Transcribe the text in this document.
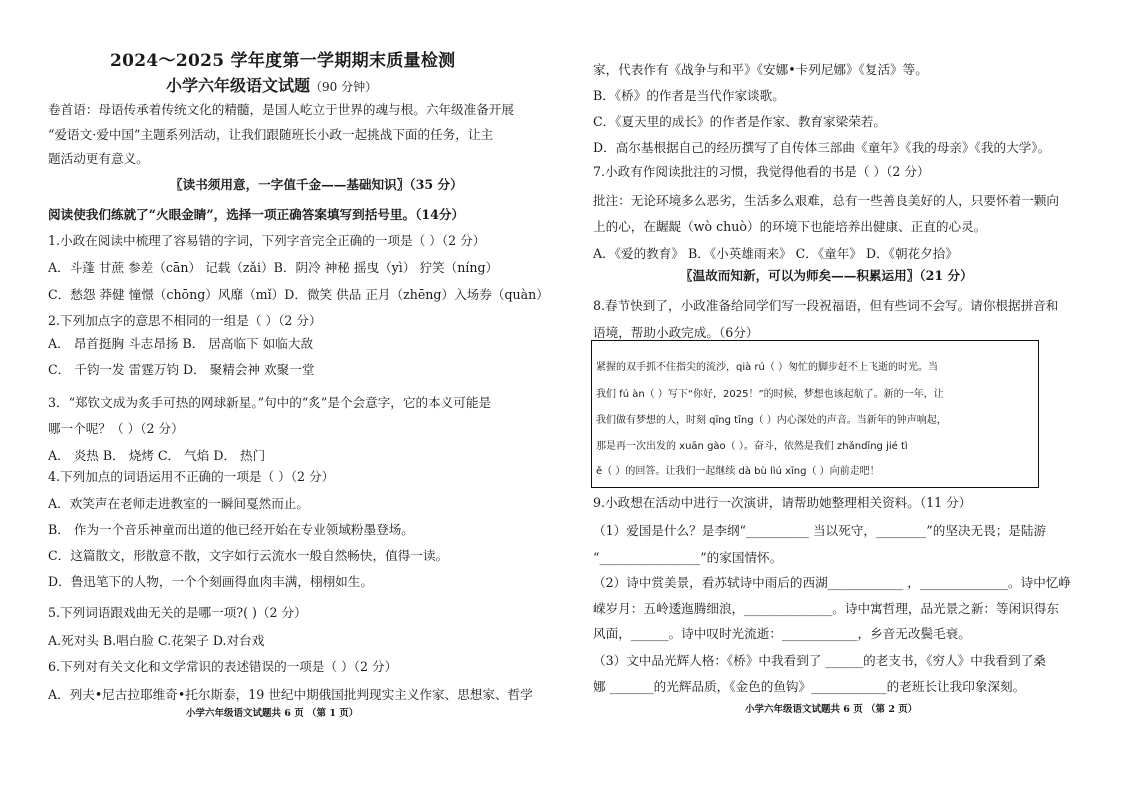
2024～2025 学年度第一学期期末质量检测
小学六年级语文试题（90 分钟）
卷首语：母语传承着传统文化的精髓，是国人屹立于世界的魂与根。六年级准备开展
“爱语文·爱中国”主题系列活动，让我们跟随班长小政一起挑战下面的任务，让主
题活动更有意义。
〖读书须用意，一字值千金——基础知识〗（35 分）
阅读使我们练就了“火眼金睛”，选择一项正确答案填写到括号里。（14分）
1.小政在阅读中梳理了容易错的字词，下列字音完全正确的一项是（ ）（2 分）
A．斗蓬 甘蔗 参差（cān） 记载（zǎi）B．阴冷 神秘 摇曳（yì） 狞笑（níng）
C．愁怨 莽健 憧憬（chōng）风靡（mǐ）D．微笑 供品 正月（zhēng）入场券（quàn）
2.下列加点字的意思不相同的一组是（ ）（2 分）
A． 昂首挺胸 斗志昂扬 B． 居高临下 如临大敌
C． 千钧一发 雷霆万钧 D． 聚精会神 欢聚一堂
3．“郑钦文成为炙手可热的网球新星。”句中的“炙”是个会意字，它的本义可能是
哪一个呢？（ ）（2 分）
A． 炎热 B． 烧烤 C． 气焰 D． 热门
4.下列加点的词语运用不正确的一项是（ ）（2 分）
A．欢笑声在老师走进教室的一瞬间戛然而止。
B． 作为一个音乐神童而出道的他已经开始在专业领域粉墨登场。
C．这篇散文，形散意不散，文字如行云流水一般自然畅快，值得一读。
D．鲁迅笔下的人物，一个个刻画得血肉丰满，栩栩如生。
5.下列词语跟戏曲无关的是哪一项?( )（2 分）
A.死对头 B.唱白脸 C.花架子 D.对台戏
6.下列对有关文化和文学常识的表述错误的一项是（ ）（2 分）
A．列夫•尼古拉耶维奇•托尔斯泰，19 世纪中期俄国批判现实主义作家、思想家、哲学
小学六年级语文试题共 6 页 （第 1 页）
家，代表作有《战争与和平》《安娜•卡列尼娜》《复活》等。
B．《桥》的作者是当代作家谈歌。
C．《夏天里的成长》的作者是作家、教育家梁荣若。
D．高尔基根据自己的经历撰写了自传体三部曲《童年》《我的母亲》《我的大学》。
7.小政有作阅读批注的习惯，我觉得他看的书是（ ）（2 分）
批注：无论环境多么恶劣，生活多么艰难，总有一些善良美好的人，只要怀着一颗向
上的心，在龌龊（wò chuò）的环境下也能培养出健康、正直的心灵。
A．《爱的教育》 B．《小英雄雨来》 C．《童年》 D．《朝花夕拾》
〖温故而知新，可以为师矣——积累运用〗（21 分）
8.春节快到了，小政准备给同学们写一段祝福语，但有些词不会写。请你根据拼音和
语境，帮助小政完成。（6分）
9.小政想在活动中进行一次演讲，请帮助她整理相关资料。（11 分）
（1）爱国是什么？是李纲“__________ 当以死守，________”的坚决无畏；是陆游
“________________”的家国情怀。
（2）诗中赏美景，看苏轼诗中雨后的西湖____________ ，______________。诗中忆峥
嵘岁月：五岭逶迤腾细浪，______________。诗中寓哲理，品光景之新：等闲识得东
风面，______。诗中叹时光流逝：____________，乡音无改鬓毛衰。
（3）文中品光辉人格：《桥》中我看到了 ______的老支书，《穷人》中我看到了桑
娜 _______的光辉品质，《金色的鱼钩》____________的老班长让我印象深刻。
小学六年级语文试题共 6 页 （第 2 页）
紧握的双手抓不住指尖的流沙，qià rú（ ）匆忙的脚步赶不上飞逝的时光。当
我们 fú àn（ ）写下“你好，2025！”的时候，梦想也该起航了。新的一年，让
我们做有梦想的人，时刻 qīng tīng（ ）内心深处的声音。当新年的钟声响起，
那是再一次出发的 xuān gào（ ）。奋斗，依然是我们 zhǎndīng jié tì
ě（ ）的回答。让我们一起继续 dà bù lìú xīng（ ）向前走吧！
